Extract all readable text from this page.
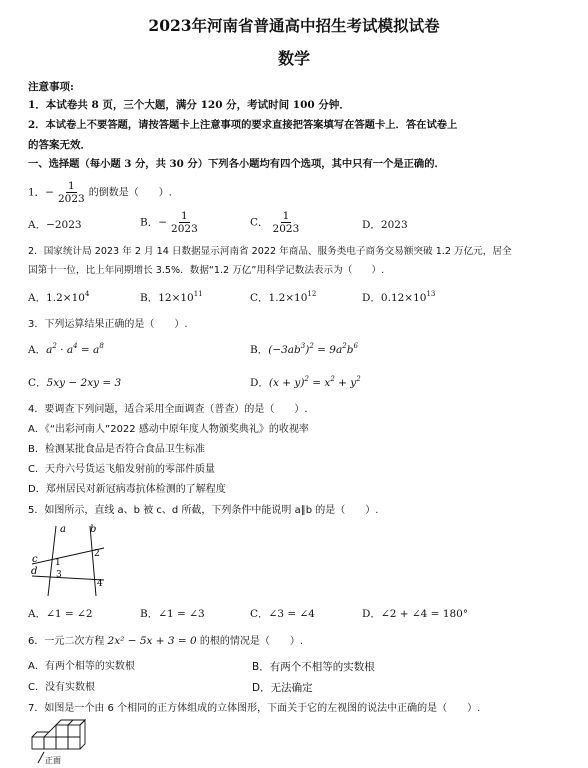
2023年河南省普通高中招生考试模拟试卷
数学
注意事项:
1．本试卷共 8 页，三个大题，满分 120 分，考试时间 100 分钟．
2．本试卷上不要答题，请按答题卡上注意事项的要求直接把答案填写在答题卡上．答在试卷上
的答案无效．
一、选择题（每小题 3 分，共 30 分）下列各小题均有四个选项，其中只有一个是正确的．
1．− $\frac{1}{2023}$ 的倒数是（　　）.
A．−2023	B．− $\frac{1}{2023}$	C． $\frac{1}{2023}$	D．2023
2．国家统计局 2023 年 2 月 14 日数据显示河南省 2022 年商品、服务类电子商务交易额突破 1.2 万亿元，居全
国第十一位，比上年同期增长 3.5%．数据“1.2 万亿”用科学记数法表示为（　　）.
A．$1.2\times 10^4$	B．$12\times 10^{11}$	C．$1.2\times 10^{12}$	D．$0.12\times 10^{13}$
3．下列运算结果正确的是（　　）.
A．$a^2 \cdot a^4 = a^8$	B．$(-3ab^3)^2 = 9a^2b^6$
C．5xy − 2xy = 3	D．$(x + y)^2 = x^2 + y^2$
4．要调查下列问题，适合采用全面调查（普查）的是（　　）.
A．《“出彩河南人”2022 感动中原年度人物颁奖典礼》的收视率
B．检测某批食品是否符合食品卫生标准
C．天舟六号货运飞船发射前的零部件质量
D．郑州居民对新冠病毒抗体检测的了解程度
5．如图所示，直线 a、b 被 c、d 所截，下列条件中能说明 a∥b 的是（　　）.
a b
c
d
1
2
3
4
A．∠1 = ∠2	B．∠1 = ∠3	C．∠3 = ∠4	D．∠2 + ∠4 = 180°
6．一元二次方程 2x² − 5x + 3 = 0 的根的情况是（　　）.
A．有两个相等的实数根	B．有两个不相等的实数根
C．没有实数根	D．无法确定
7．如图是一个由 6 个相同的正方体组成的立体图形，下面关于它的左视图的说法中正确的是（　　）.
正面
